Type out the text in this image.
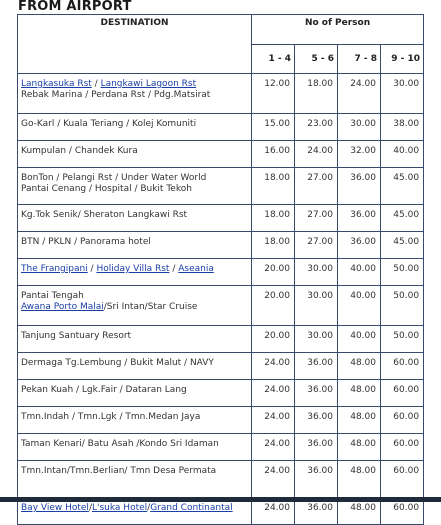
FROM AIRPORT
DESTINATION	No of Person			
	1 - 4	5 - 6	7 - 8	9 - 10

Langkasuka Rst / Langkawi Lagoon Rst
Rebak Marina / Perdana Rst / Pdg.Matsirat	12.00	18.00	24.00	30.00

Go-Karl / Kuala Teriang / Kolej Komuniti	15.00	23.00	30.00	38.00

Kumpulan / Chandek Kura	16.00	24.00	32.00	40.00

BonTon / Pelangi Rst / Under Water World
Pantai Cenang / Hospital / Bukit Tekoh	18.00	27.00	36.00	45.00

Kg.Tok Senik/ Sheraton Langkawi Rst	18.00	27.00	36.00	45.00

BTN / PKLN / Panorama hotel	18.00	27.00	36.00	45.00

The Frangipani / Holiday Villa Rst / Aseania	20.00	30.00	40.00	50.00

Pantai Tengah
Awana Porto Malai/Sri Intan/Star Cruise	20.00	30.00	40.00	50.00

Tanjung Santuary Resort	20.00	30.00	40.00	50.00

Dermaga Tg.Lembung / Bukit Malut / NAVY	24.00	36.00	48.00	60.00

Pekan Kuah / Lgk.Fair / Dataran Lang	24.00	36.00	48.00	60.00

Tmn.Indah / Tmn.Lgk / Tmn.Medan Jaya	24.00	36.00	48.00	60.00

Taman Kenari/ Batu Asah /Kondo Sri Idaman	24.00	36.00	48.00	60.00

Tmn.Intan/Tmn.Berlian/ Tmn Desa Permata	24.00	36.00	48.00	60.00

Bay View Hotel/L'suka Hotel/Grand Continantal	24.00	36.00	48.00	60.00
